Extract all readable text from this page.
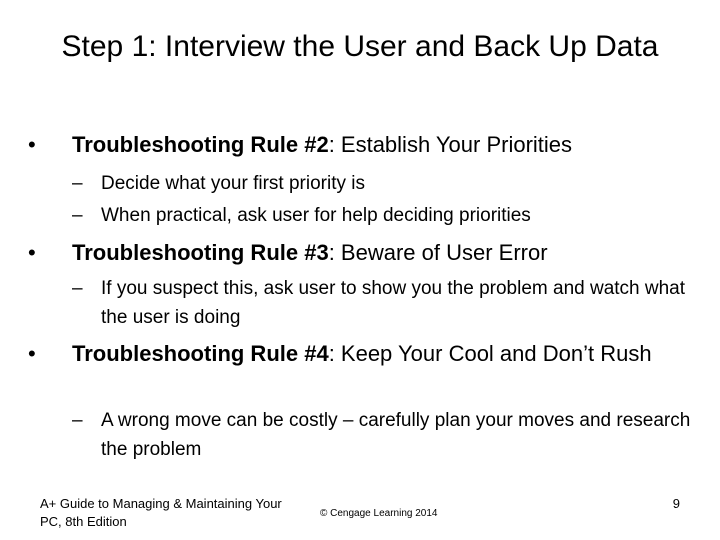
Step 1: Interview the User and Back Up Data
• Troubleshooting Rule #2: Establish Your Priorities
– Decide what your first priority is
– When practical, ask user for help deciding priorities
• Troubleshooting Rule #3: Beware of User Error
– If you suspect this, ask user to show you the problem and watch what the user is doing
• Troubleshooting Rule #4: Keep Your Cool and Don’t Rush
– A wrong move can be costly – carefully plan your moves and research the problem
A+ Guide to Managing & Maintaining Your PC, 8th Edition
© Cengage Learning 2014
9
